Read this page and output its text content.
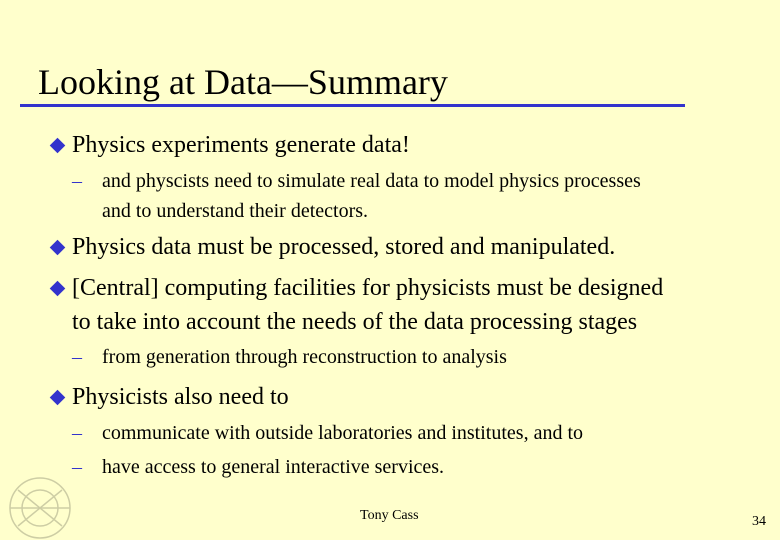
Looking at Data—Summary
Physics experiments generate data!
– and physcists need to simulate real data to model physics processes
and to understand their detectors.
Physics data must be processed, stored and manipulated.
[Central] computing facilities for physicists must be designed
to take into account the needs of the data processing stages
– from generation through reconstruction to analysis
Physicists also need to
– communicate with outside laboratories and institutes, and to
– have access to general interactive services.
Tony Cass	34
